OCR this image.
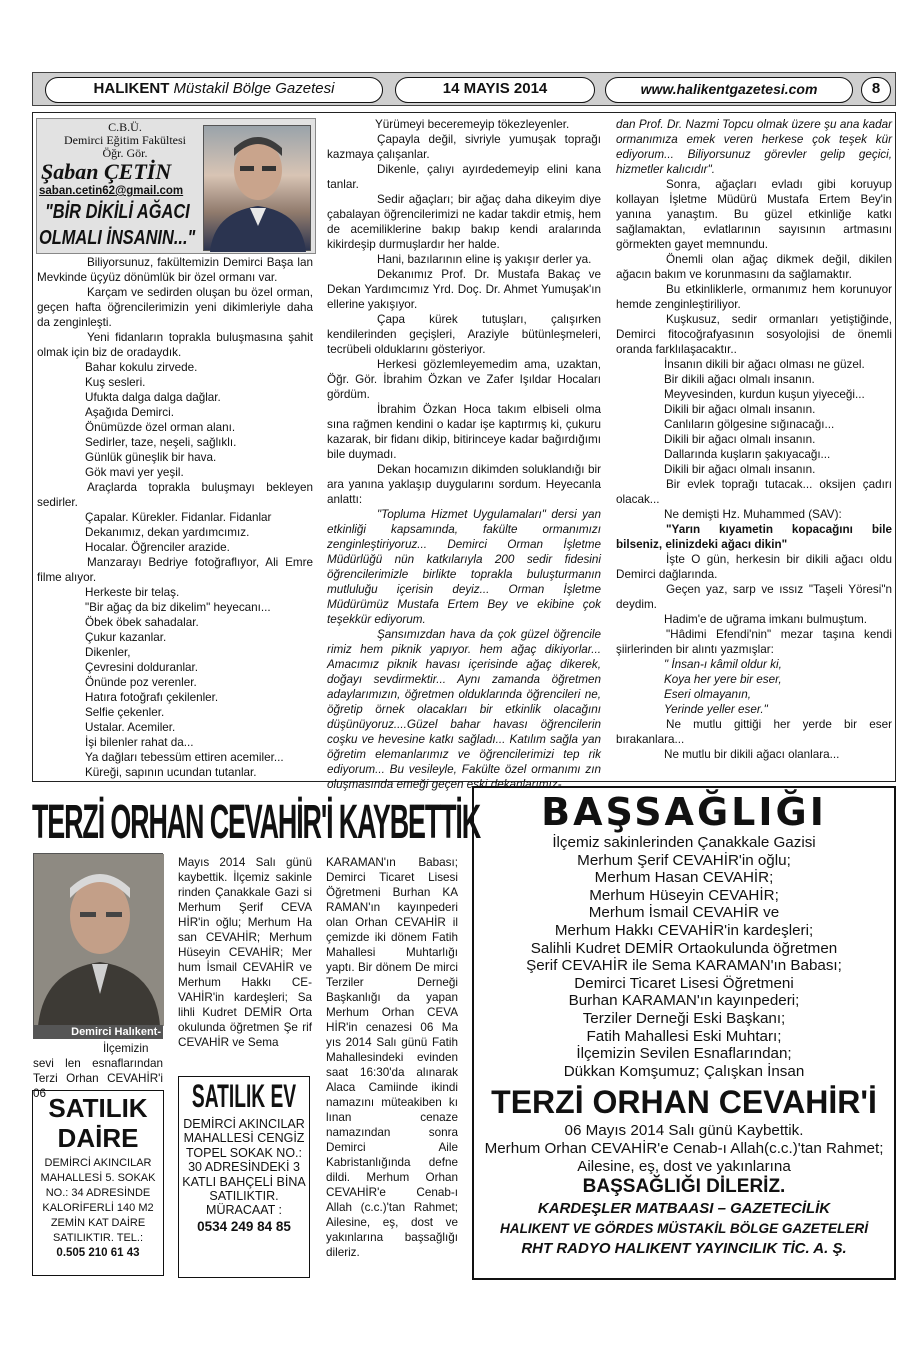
HALIKENT Müstakil Bölge Gazetesi	14 MAYIS 2014	www.halikentgazetesi.com	8
C.B.Ü.
Demirci Eğitim Fakültesi
Öğr. Gör.
Şaban ÇETİN
saban.cetin62@gmail.com
"BİR DİKİLİ AĞACI
OLMALI İNSANIN..."

Biliyorsunuz, fakültemizin Demirci Başa lan Mevkinde üçyüz dönümlük bir özel ormanı var.

Karçam ve sedirden oluşan bu özel orman, geçen hafta öğrencilerimizin yeni dikimleriyle daha da zenginleşti.

Yeni fidanların toprakla buluşmasına şahit olmak için biz de oradaydık.

Bahar kokulu zirvede.

Kuş sesleri.

Ufukta dalga dalga dağlar.

Aşağıda Demirci.

Önümüzde özel orman alanı.

Sedirler, taze, neşeli, sağlıklı.

Günlük güneşlik bir hava.

Gök mavi yer yeşil.

Araçlarda toprakla buluşmayı bekleyen sedirler.

Çapalar. Kürekler. Fidanlar. Fidanlar

Dekanımız, dekan yardımcımız.

Hocalar. Öğrenciler arazide.

Manzarayı Bedriye fotoğraflıyor, Ali Emre filme alıyor.

Herkeste bir telaş.

"Bir ağaç da biz dikelim" heyecanı...

Öbek öbek sahadalar.

Çukur kazanlar.

Dikenler,

Çevresini dolduranlar.

Önünde poz verenler.

Hatıra fotoğrafı çekilenler.

Selfie çekenler.

Ustalar. Acemiler.

İşi bilenler rahat da...

Ya dağları tebessüm ettiren acemiler...

Küreği, sapının ucundan tutanlar.

Yürümeyi beceremeyip tökezleyenler.

Çapayla değil, sivriyle yumuşak toprağı kazmaya çalışanlar.

Dikenle, çalıyı ayırdedemeyip elini kana tanlar.

Sedir ağaçları; bir ağaç daha dikeyim diye çabalayan öğrencilerimizi ne kadar takdir etmiş, hem de acemiliklerine bakıp bakıp kendi aralarında kikirdeşip durmuşlardır her halde.

Hani, bazılarının eline iş yakışır derler ya.

Dekanımız Prof. Dr. Mustafa Bakaç ve Dekan Yardımcımız Yrd. Doç. Dr. Ahmet Yumuşak'ın ellerine yakışıyor.

Çapa kürek tutuşları, çalışırken kendilerinden geçişleri, Araziyle bütünleşmeleri, tecrübeli olduklarını gösteriyor.

Herkesi gözlemleyemedim ama, uzaktan, Öğr. Gör. İbrahim Özkan ve Zafer Işıldar Hocaları gördüm.

İbrahim Özkan Hoca takım elbiseli olma sına rağmen kendini o kadar işe kaptırmış ki, çukuru kazarak, bir fidanı dikip, bitirinceye kadar bağırdığımı bile duymadı.

Dekan hocamızın dikimden soluklandığı bir ara yanına yaklaşıp duygularını sordum. Heyecanla anlattı:

"Topluma Hizmet Uygulamaları" dersi yan etkinliği kapsamında, fakülte ormanımızı zenginleştiriyoruz... Demirci Orman İşletme Müdürlüğü nün katkılarıyla 200 sedir fidesini öğrencilerimizle birlikte toprakla buluşturmanın mutluluğu içerisin deyiz... Orman İşletme Müdürümüz Mustafa Ertem Bey ve ekibine çok teşekkür ediyorum.

Şansımızdan hava da çok güzel öğrencile rimiz hem piknik yapıyor. hem ağaç dikiyorlar... Amacımız piknik havası içerisinde ağaç dikerek, doğayı sevdirmektir... Aynı zamanda öğretmen adaylarımızın, öğretmen olduklarında öğrencileri ne, öğretip örnek olacakları bir etkinlik olacağını düşünüyoruz....Güzel bahar havası öğrencilerin coşku ve hevesine katkı sağladı... Katılım sağla yan öğretim elemanlarımız ve öğrencilerimizi tep rik ediyorum... Bu vesileyle, Fakülte özel ormanımı zın oluşmasında emeği geçen eski dekanlarımız-

dan Prof. Dr. Nazmi Topcu olmak üzere şu ana kadar ormanımıza emek veren herkese çok teşek kür ediyorum... Biliyorsunuz görevler gelip geçici, hizmetler kalıcıdır".

Sonra, ağaçları evladı gibi koruyup kollayan İşletme Müdürü Mustafa Ertem Bey'in yanına yanaştım. Bu güzel etkinliğe katkı sağlamaktan, evlatlarının sayısının artmasını görmekten gayet memnundu.

Önemli olan ağaç dikmek değil, dikilen ağacın bakım ve korunmasını da sağlamaktır.

Bu etkinliklerle, ormanımız hem korunuyor hemde zenginleştiriliyor.

Kuşkusuz, sedir ormanları yetiştiğinde, Demirci fitocoğrafyasının sosyolojisi de önemli oranda farklılaşacaktır..

İnsanın dikili bir ağacı olması ne güzel.

Bir dikili ağacı olmalı insanın.

Meyvesinden, kurdun kuşun yiyeceği...

Dikili bir ağacı olmalı insanın.

Canlıların gölgesine sığınacağı...

Dikili bir ağacı olmalı insanın.

Dallarında kuşların şakıyacağı...

Dikili bir ağacı olmalı insanın.

Bir evlek toprağı tutacak... oksijen çadırı olacak...

Ne demişti Hz. Muhammed (SAV):

"Yarın kıyametin kopacağını bile bilseniz, elinizdeki ağacı dikin"

İşte O gün, herkesin bir dikili ağacı oldu Demirci dağlarında.

Geçen yaz, sarp ve ıssız "Taşeli Yöresi"n deydim.

Hadim'e de uğrama imkanı bulmuştum.

"Hâdimi Efendi'nin" mezar taşına kendi şiirlerinden bir alıntı yazmışlar:

" İnsan-ı kâmil oldur ki,

Koya her yere bir eser,

Eseri olmayanın,

Yerinde yeller eser."

Ne mutlu gittiği her yerde bir eser bırakanlara...

Ne mutlu bir dikili ağacı olanlara...

TERZİ ORHAN CEVAHİR'İ KAYBETTİK
Demirci Halıkent-

İlçemizin sevi len esnaflarından Terzi Orhan CEVAHİR'i 06

Mayıs 2014 Salı günü kaybettik. İlçemiz sakinle rinden Çanakkale Gazi si Merhum Şerif CEVA HİR'in oğlu; Merhum Ha san CEVAHİR; Merhum Hüseyin CEVAHİR; Mer hum İsmail CEVAHİR ve Merhum Hakkı CE- VAHİR'in kardeşleri; Sa lihli Kudret DEMİR Orta okulunda öğretmen Şe rif CEVAHİR ve Sema

KARAMAN'ın Babası; Demirci Ticaret Lisesi Öğretmeni Burhan KA RAMAN'ın kayınpederi olan Orhan CEVAHİR il çemizde iki dönem Fatih Mahallesi Muhtarlığı yaptı. Bir dönem De mirci Terziler Derneği Başkanlığı da yapan Merhum Orhan CEVA HİR'in cenazesi 06 Ma yıs 2014 Salı günü Fatih Mahallesindeki evinden saat 16:30'da alınarak Alaca Camiinde ikindi namazını müteakiben kı lınan cenaze namazından sonra Demirci Aile Kabristanlığında defne dildi. Merhum Orhan CEVAHİR'e Cenab-ı Allah (c.c.)'tan Rahmet; Ailesine, eş, dost ve yakınlarına başsağlığı dileriz.

SATILIK
DAİRE
DEMİRCİ AKINCILAR MAHALLESİ 5. SOKAK NO.: 34 ADRESİNDE KALORİFERLİ 140 M2 ZEMİN KAT DAİRE SATILIKTIR. TEL.:
0.505 210 61 43
SATILIK EV
DEMİRCİ AKINCILAR MAHALLESİ CENGİZ TOPEL SOKAK NO.: 30 ADRESİNDEKİ 3 KATLI BAHÇELİ BİNA SATILIKTIR. MÜRACAAT :
0534 249 84 85
BAŞSAĞLIĞI
İlçemiz sakinlerinden Çanakkale Gazisi
Merhum Şerif CEVAHİR'in oğlu;
Merhum Hasan CEVAHİR;
Merhum Hüseyin CEVAHİR;
Merhum İsmail CEVAHİR ve
Merhum Hakkı CEVAHİR'in kardeşleri;
Salihli Kudret DEMİR Ortaokulunda öğretmen
Şerif CEVAHİR ile Sema KARAMAN'ın Babası;
Demirci Ticaret Lisesi Öğretmeni
Burhan KARAMAN'ın kayınpederi;
Terziler Derneği Eski Başkanı;
Fatih Mahallesi Eski Muhtarı;
İlçemizin Sevilen Esnaflarından;
Dükkan Komşumuz; Çalışkan İnsan
TERZİ ORHAN CEVAHİR'İ
06 Mayıs 2014 Salı günü Kaybettik.
Merhum Orhan CEVAHİR'e Cenab-ı Allah(c.c.)'tan Rahmet;
Ailesine, eş, dost ve yakınlarına
BAŞSAĞLIĞI DİLERİZ.
KARDEŞLER MATBAASI – GAZETECİLİK
HALIKENT VE GÖRDES MÜSTAKİL BÖLGE GAZETELERİ
RHT RADYO HALIKENT YAYINCILIK TİC. A. Ş.
